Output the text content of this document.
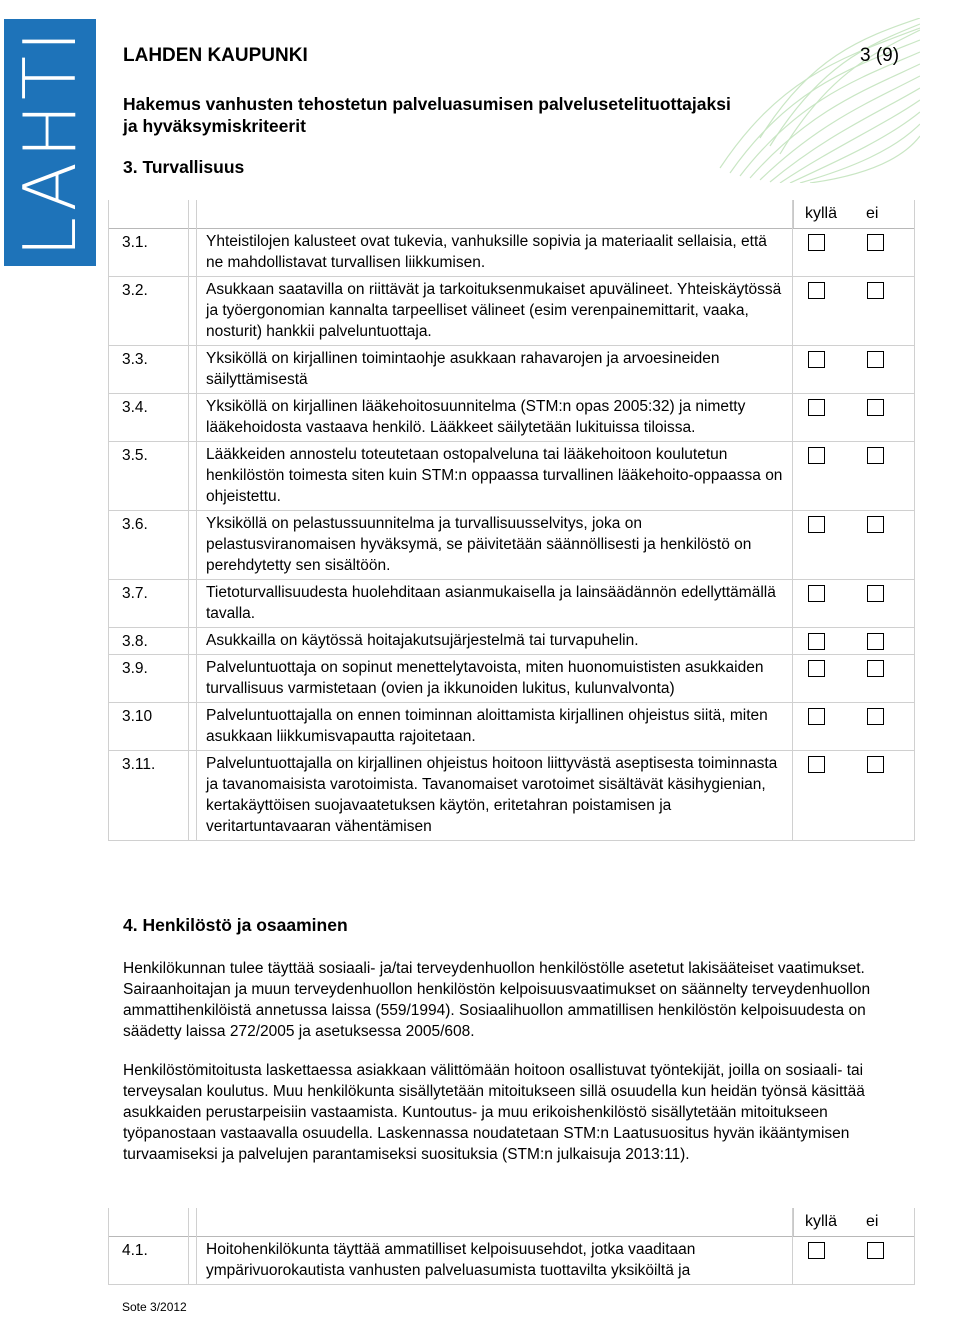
LAHTI LAHDEN KAUPUNKI	3 (9)
Hakemus vanhusten tehostetun palveluasumisen palvelusetelituottajaksi
ja hyväksymiskriteerit
3. Turvallisuus
kyllä ei
3.1.	Yhteistilojen kalusteet ovat tukevia, vanhuksille sopivia ja materiaalit sellaisia, että ne mahdollistavat turvallisen liikkumisen.
3.2.	Asukkaan saatavilla on riittävät ja tarkoituksenmukaiset apuvälineet. Yhteiskäytössä ja työergonomian kannalta tarpeelliset välineet (esim verenpainemittarit, vaaka, nosturit) hankkii palveluntuottaja.
3.3.	Yksiköllä on kirjallinen toimintaohje asukkaan rahavarojen ja arvoesineiden säilyttämisestä
3.4.	Yksiköllä on kirjallinen lääkehoitosuunnitelma (STM:n opas 2005:32) ja nimetty lääkehoidosta vastaava henkilö. Lääkkeet säilytetään lukituissa tiloissa.
3.5.	Lääkkeiden annostelu toteutetaan ostopalveluna tai lääkehoitoon koulutetun henkilöstön toimesta siten kuin STM:n oppaassa turvallinen lääkehoito-oppaassa on ohjeistettu.
3.6.	Yksiköllä on pelastussuunnitelma ja turvallisuusselvitys, joka on pelastusviranomaisen hyväksymä, se päivitetään säännöllisesti ja henkilöstö on perehdytetty sen sisältöön.
3.7.	Tietoturvallisuudesta huolehditaan asianmukaisella ja lainsäädännön edellyttämällä tavalla.
3.8.	Asukkailla on käytössä hoitajakutsujärjestelmä tai turvapuhelin.
3.9.	Palveluntuottaja on sopinut menettelytavoista, miten huonomuististen asukkaiden turvallisuus varmistetaan (ovien ja ikkunoiden lukitus, kulunvalvonta)
3.10	Palveluntuottajalla on ennen toiminnan aloittamista kirjallinen ohjeistus siitä, miten asukkaan liikkumisvapautta rajoitetaan.
3.11.	Palveluntuottajalla on kirjallinen ohjeistus hoitoon liittyvästä aseptisesta toiminnasta ja tavanomaisista varotoimista. Tavanomaiset varotoimet sisältävät käsihygienian, kertakäyttöisen suojavaatetuksen käytön, eritetahran poistamisen ja veritartuntavaaran vähentämisen
4. Henkilöstö ja osaaminen
Henkilökunnan tulee täyttää sosiaali- ja/tai terveydenhuollon henkilöstölle asetetut lakisääteiset vaatimukset. Sairaanhoitajan ja muun terveydenhuollon henkilöstön kelpoisuusvaatimukset on säännelty terveydenhuollon ammattihenkilöistä annetussa laissa (559/1994). Sosiaalihuollon ammatillisen henkilöstön kelpoisuudesta on säädetty laissa 272/2005 ja asetuksessa 2005/608.
Henkilöstömitoitusta laskettaessa asiakkaan välittömään hoitoon osallistuvat työntekijät, joilla on sosiaali- tai terveysalan koulutus. Muu henkilökunta sisällytetään mitoitukseen sillä osuudella kun heidän työnsä käsittää asukkaiden perustarpeisiin vastaamista. Kuntoutus- ja muu erikoishenkilöstö sisällytetään mitoitukseen työpanostaan vastaavalla osuudella. Laskennassa noudatetaan STM:n Laatusuositus hyvän ikääntymisen turvaamiseksi ja palvelujen parantamiseksi suosituksia (STM:n julkaisuja 2013:11).
kyllä ei
4.1.	Hoitohenkilökunta täyttää ammatilliset kelpoisuusehdot, jotka vaaditaan ympärivuorokautista vanhusten palveluasumista tuottavilta yksiköiltä ja
Sote 3/2012
